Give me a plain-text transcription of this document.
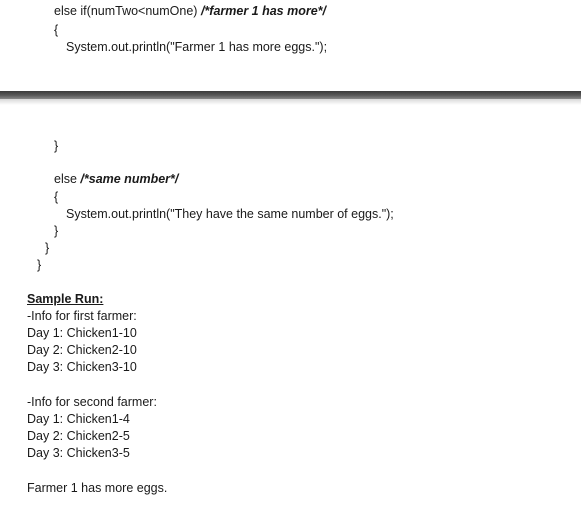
else if(numTwo<numOne) /*farmer 1 has more*/
{
System.out.println("Farmer 1 has more eggs.");
}
else /*same number*/
{
System.out.println("They have the same number of eggs.");
}
}
}
Sample Run:
-Info for first farmer:
Day 1: Chicken1-10
Day 2: Chicken2-10
Day 3: Chicken3-10
-Info for second farmer:
Day 1: Chicken1-4
Day 2: Chicken2-5
Day 3: Chicken3-5
Farmer 1 has more eggs.
